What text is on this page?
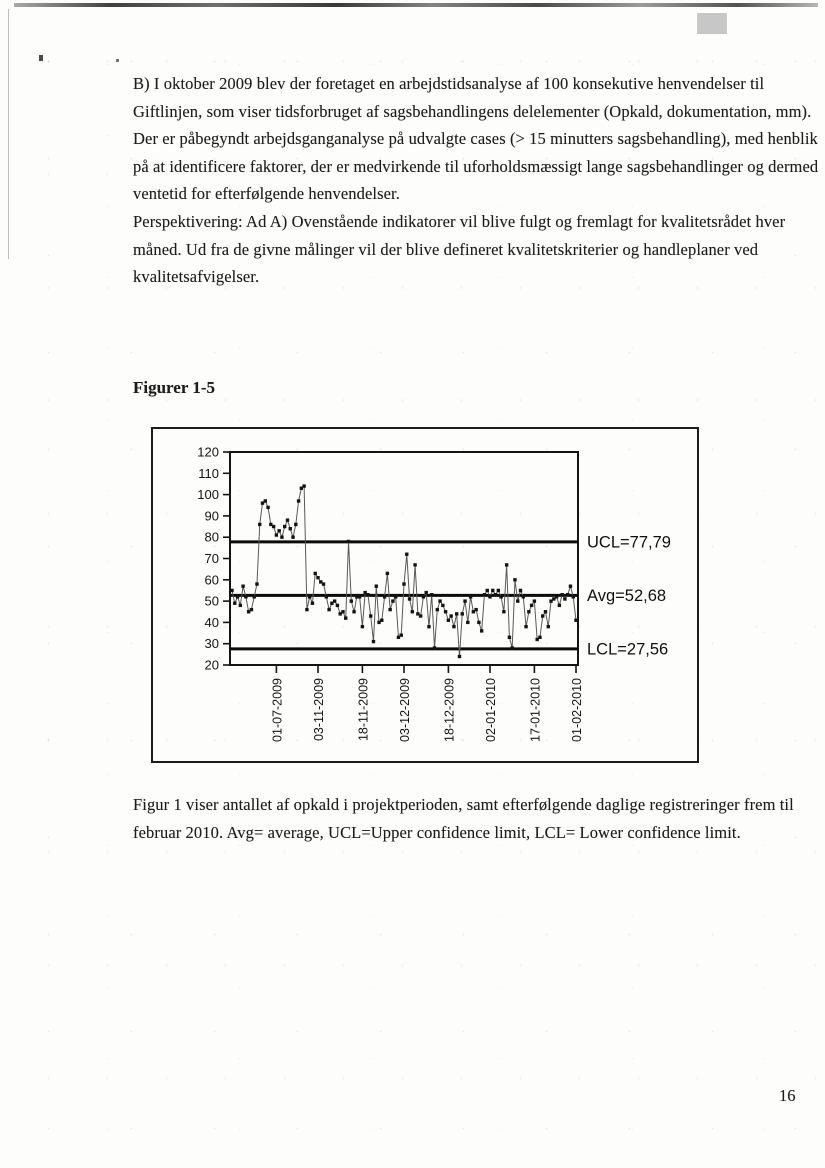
B) I oktober 2009 blev der foretaget en arbejdstidsanalyse af 100 konsekutive henvendelser til
Giftlinjen, som viser tidsforbruget af sagsbehandlingens delelementer (Opkald, dokumentation, mm).
Der er påbegyndt arbejdsganganalyse på udvalgte cases (> 15 minutters sagsbehandling), med henblik
på at identificere faktorer, der er medvirkende til uforholdsmæssigt lange sagsbehandlinger og dermed
ventetid for efterfølgende henvendelser.
Perspektivering: Ad A) Ovenstående indikatorer vil blive fulgt og fremlagt for kvalitetsrådet hver
måned. Ud fra de givne målinger vil der blive defineret kvalitetskriterier og handleplaner ved
kvalitetsafvigelser.
Figurer 1-5
20
30
40
50
60
70
80
90
100
110
120
01-07-2009 03-11-2009 18-11-2009 03-12-2009 18-12-2009 02-01-2010 17-01-2010 01-02-2010
UCL=77,79
Avg=52,68
LCL=27,56
Figur 1 viser antallet af opkald i projektperioden, samt efterfølgende daglige registreringer frem til
februar 2010. Avg= average, UCL=Upper confidence limit, LCL= Lower confidence limit.
16
